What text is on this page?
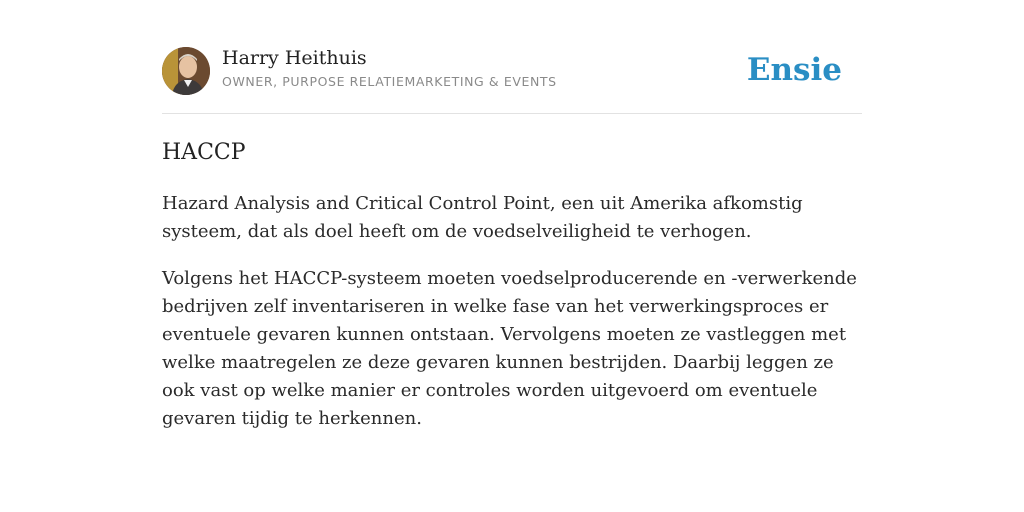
Harry Heithuis
OWNER, PURPOSE RELATIEMARKETING & EVENTS	Ensie
HACCP

Hazard Analysis and Critical Control Point, een uit Amerika afkomstig systeem, dat als doel heeft om de voedselveiligheid te verhogen.

Volgens het HACCP-systeem moeten voedselproducerende en -verwerkende bedrijven zelf inventariseren in welke fase van het verwerkingsproces er eventuele gevaren kunnen ontstaan. Vervolgens moeten ze vastleggen met welke maatregelen ze deze gevaren kunnen bestrijden. Daarbij leggen ze ook vast op welke manier er controles worden uitgevoerd om eventuele gevaren tijdig te herkennen.
